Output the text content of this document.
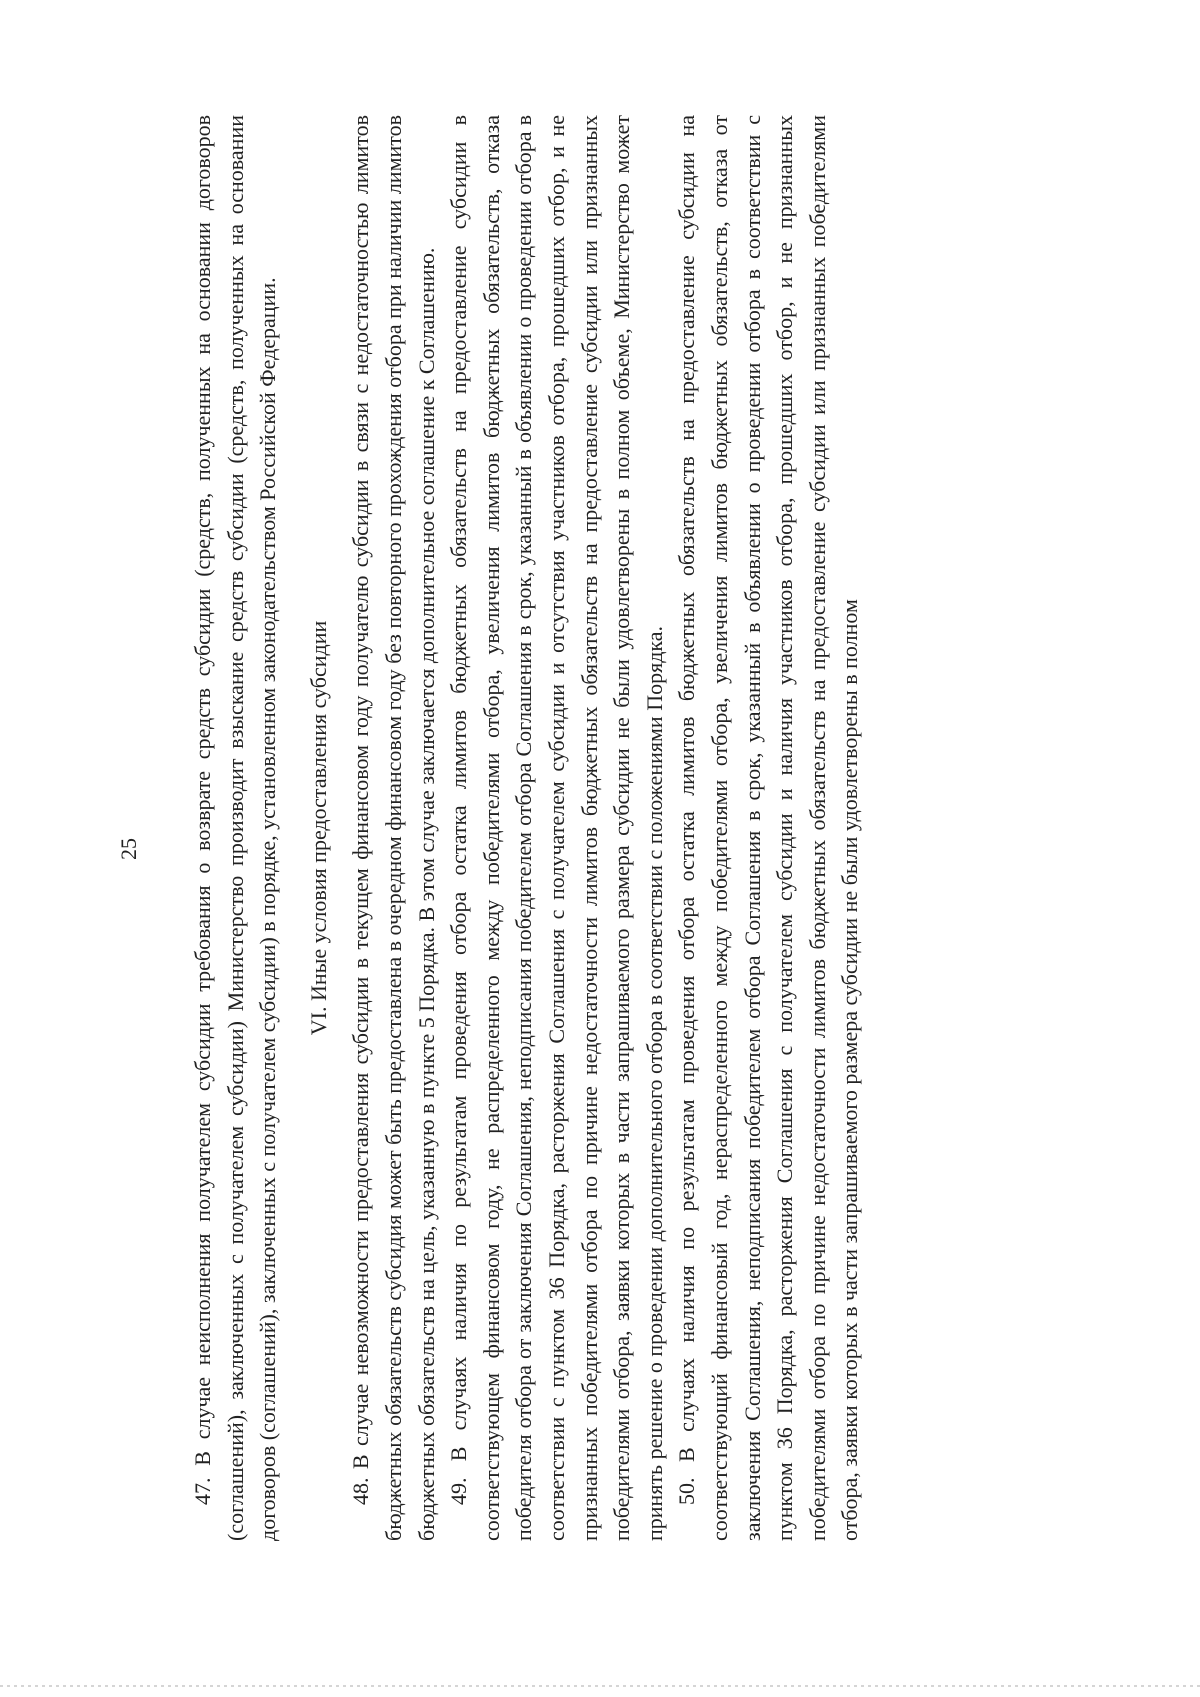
25 47. В случае неисполнения получателем субсидии требования о возврате средств субсидии (средств, полученных на основании договоров (соглашений), заключенных с получателем субсидии) Министерство производит взыскание средств субсидии (средств, полученных на основании договоров (соглашений), заключенных с получателем субсидии) в порядке, установленном законодательством Российской Федерации. VI. Иные условия предоставления субсидии 48. В случае невозможности предоставления субсидии в текущем финансовом году получателю субсидии в связи с недостаточностью лимитов бюджетных обязательств субсидия может быть предоставлена в очередном финансовом году без повторного прохождения отбора при наличии лимитов бюджетных обязательств на цель, указанную в пункте 5 Порядка. В этом случае заключается дополнительное соглашение к Соглашению. 49. В случаях наличия по результатам проведения отбора остатка лимитов бюджетных обязательств на предоставление субсидии в соответствующем финансовом году, не распределенного между победителями отбора, увеличения лимитов бюджетных обязательств, отказа победителя отбора от заключения Соглашения, неподписания победителем отбора Соглашения в срок, указанный в объявлении о проведении отбора в соответствии с пунктом 36 Порядка, расторжения Соглашения с получателем субсидии и отсутствия участников отбора, прошедших отбор, и не признанных победителями отбора по причине недостаточности лимитов бюджетных обязательств на предоставление субсидии или признанных победителями отбора, заявки которых в части запрашиваемого размера субсидии не были удовлетворены в полном объеме, Министерство может принять решение о проведении дополнительного отбора в соответствии с положениями Порядка. 50. В случаях наличия по результатам проведения отбора остатка лимитов бюджетных обязательств на предоставление субсидии на соответствующий финансовый год, нераспределенного между победителями отбора, увеличения лимитов бюджетных обязательств, отказа от заключения Соглашения, неподписания победителем отбора Соглашения в срок, указанный в объявлении о проведении отбора в соответствии с пунктом 36 Порядка, расторжения Соглашения с получателем субсидии и наличия участников отбора, прошедших отбор, и не признанных победителями отбора по причине недостаточности лимитов бюджетных обязательств на предоставление субсидии или признанных победителями отбора, заявки которых в части запрашиваемого размера субсидии не были удовлетворены в полном
